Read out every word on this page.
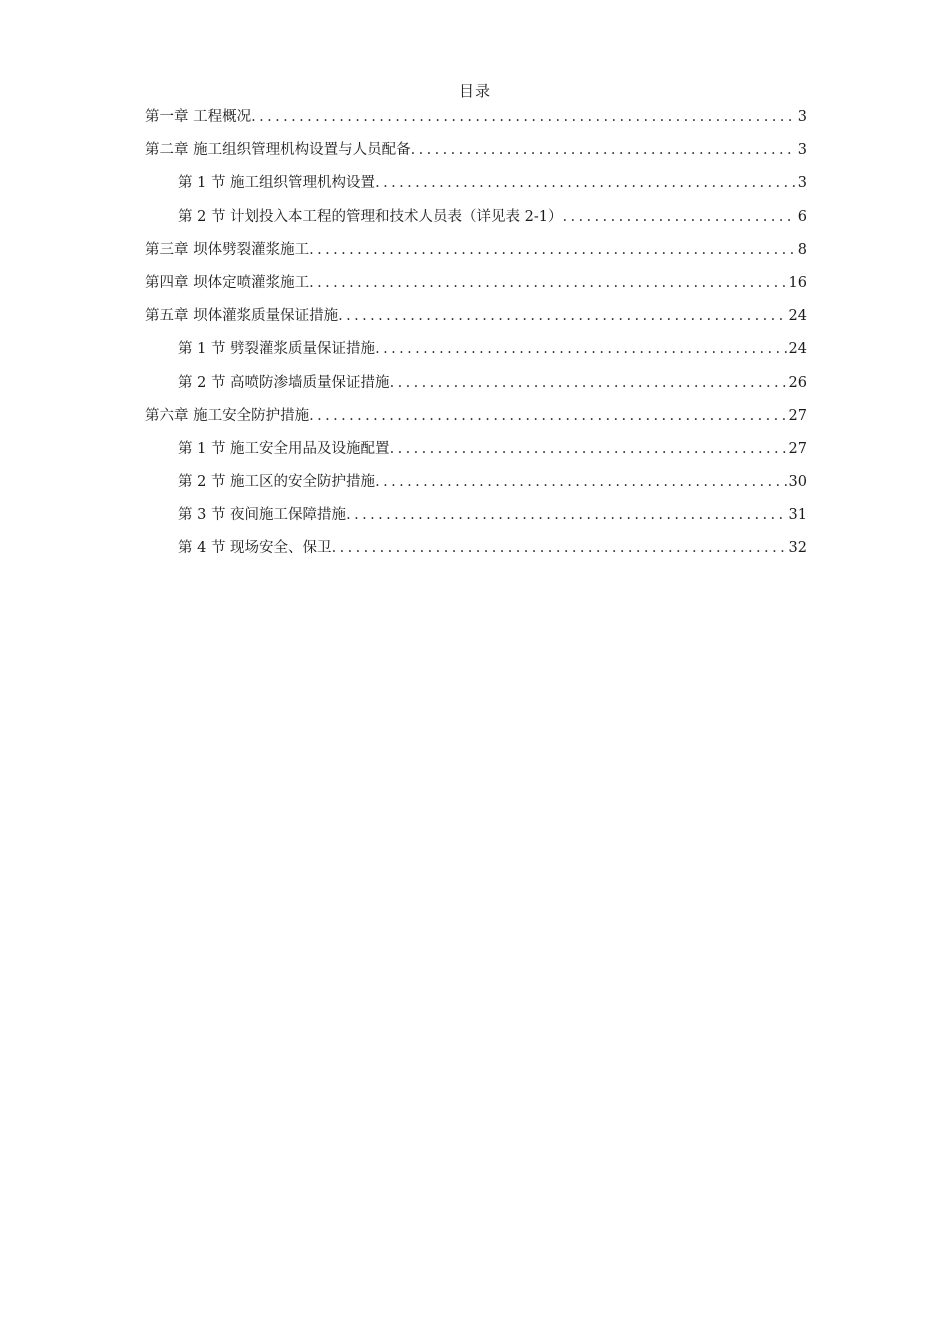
目录
第一章 工程概况 .....	3
第二章 施工组织管理机构设置与人员配备 .....	3
第 1 节 施工组织管理机构设置 .....	3
第 2 节 计划投入本工程的管理和技术人员表（详见表 2-1） .....	6
第三章 坝体劈裂灌浆施工 .....	8
第四章 坝体定喷灌浆施工 .....	16
第五章 坝体灌浆质量保证措施 .....	24
第 1 节 劈裂灌浆质量保证措施 .....	24
第 2 节 高喷防渗墙质量保证措施 .....	26
第六章 施工安全防护措施 .....	27
第 1 节 施工安全用品及设施配置 .....	27
第 2 节 施工区的安全防护措施 .....	30
第 3 节 夜间施工保障措施 .....	31
第 4 节 现场安全、保卫 .....	32
